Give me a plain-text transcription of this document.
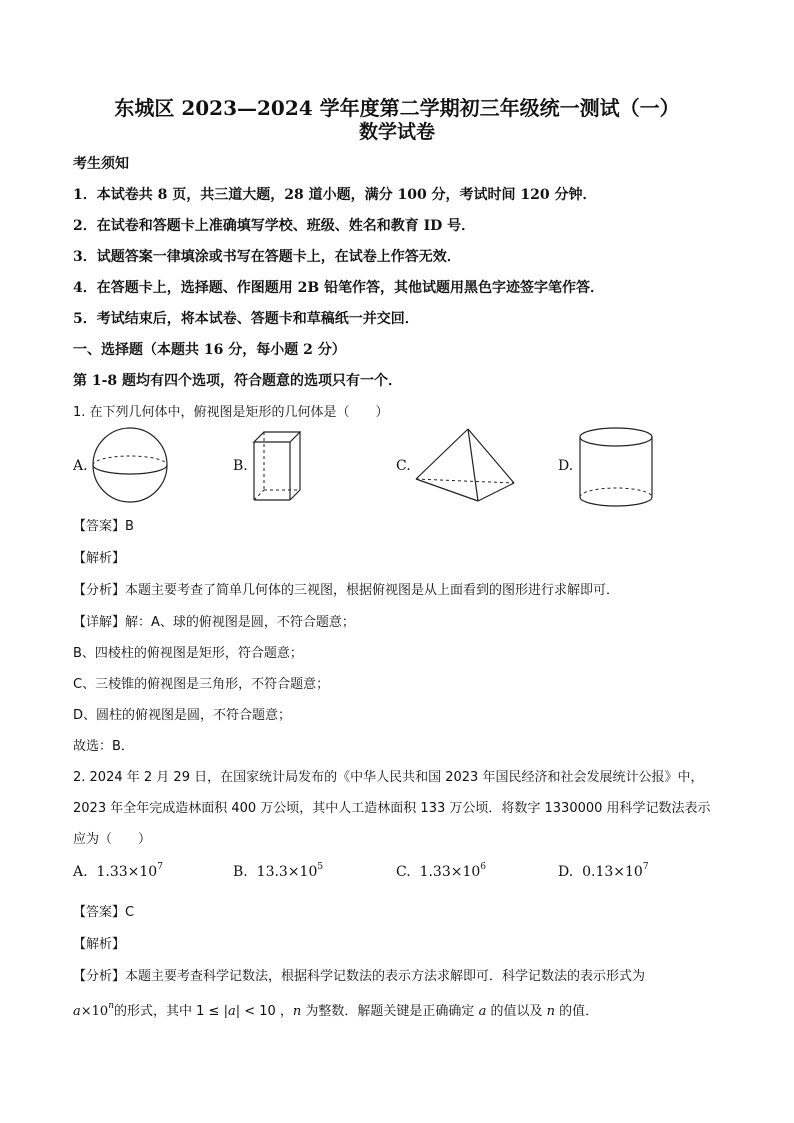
东城区 2023—2024 学年度第二学期初三年级统一测试（一）
数学试卷
考生须知
1．本试卷共 8 页，共三道大题，28 道小题，满分 100 分，考试时间 120 分钟．
2．在试卷和答题卡上准确填写学校、班级、姓名和教育 ID 号．
3．试题答案一律填涂或书写在答题卡上，在试卷上作答无效．
4．在答题卡上，选择题、作图题用 2B 铅笔作答，其他试题用黑色字迹签字笔作答．
5．考试结束后，将本试卷、答题卡和草稿纸一并交回．
一、选择题（本题共 16 分，每小题 2 分）
第 1-8 题均有四个选项，符合题意的选项只有一个．
1. 在下列几何体中，俯视图是矩形的几何体是（　　）
A.	B.	C.	D.
【答案】B
【解析】
【分析】本题主要考查了简单几何体的三视图，根据俯视图是从上面看到的图形进行求解即可．
【详解】解：A、球的俯视图是圆，不符合题意；
B、四棱柱的俯视图是矩形，符合题意；
C、三棱锥的俯视图是三角形，不符合题意；
D、圆柱的俯视图是圆，不符合题意；
故选：B．
2. 2024 年 2 月 29 日，在国家统计局发布的《中华人民共和国 2023 年国民经济和社会发展统计公报》中，
2023 年全年完成造林面积 400 万公顷，其中人工造林面积 133 万公顷．将数字 1330000 用科学记数法表示
应为（　　）
A. $1.33\times 10^7$	B. $13.3\times 10^5$	C. $1.33\times 10^6$	D. $0.13\times 10^7$
【答案】C
【解析】
【分析】本题主要考查科学记数法，根据科学记数法的表示方法求解即可．科学记数法的表示形式为
$a\times 10^n$的形式，其中 1 ≤ |a| < 10 ，n 为整数．解题关键是正确确定 a 的值以及 n 的值．
